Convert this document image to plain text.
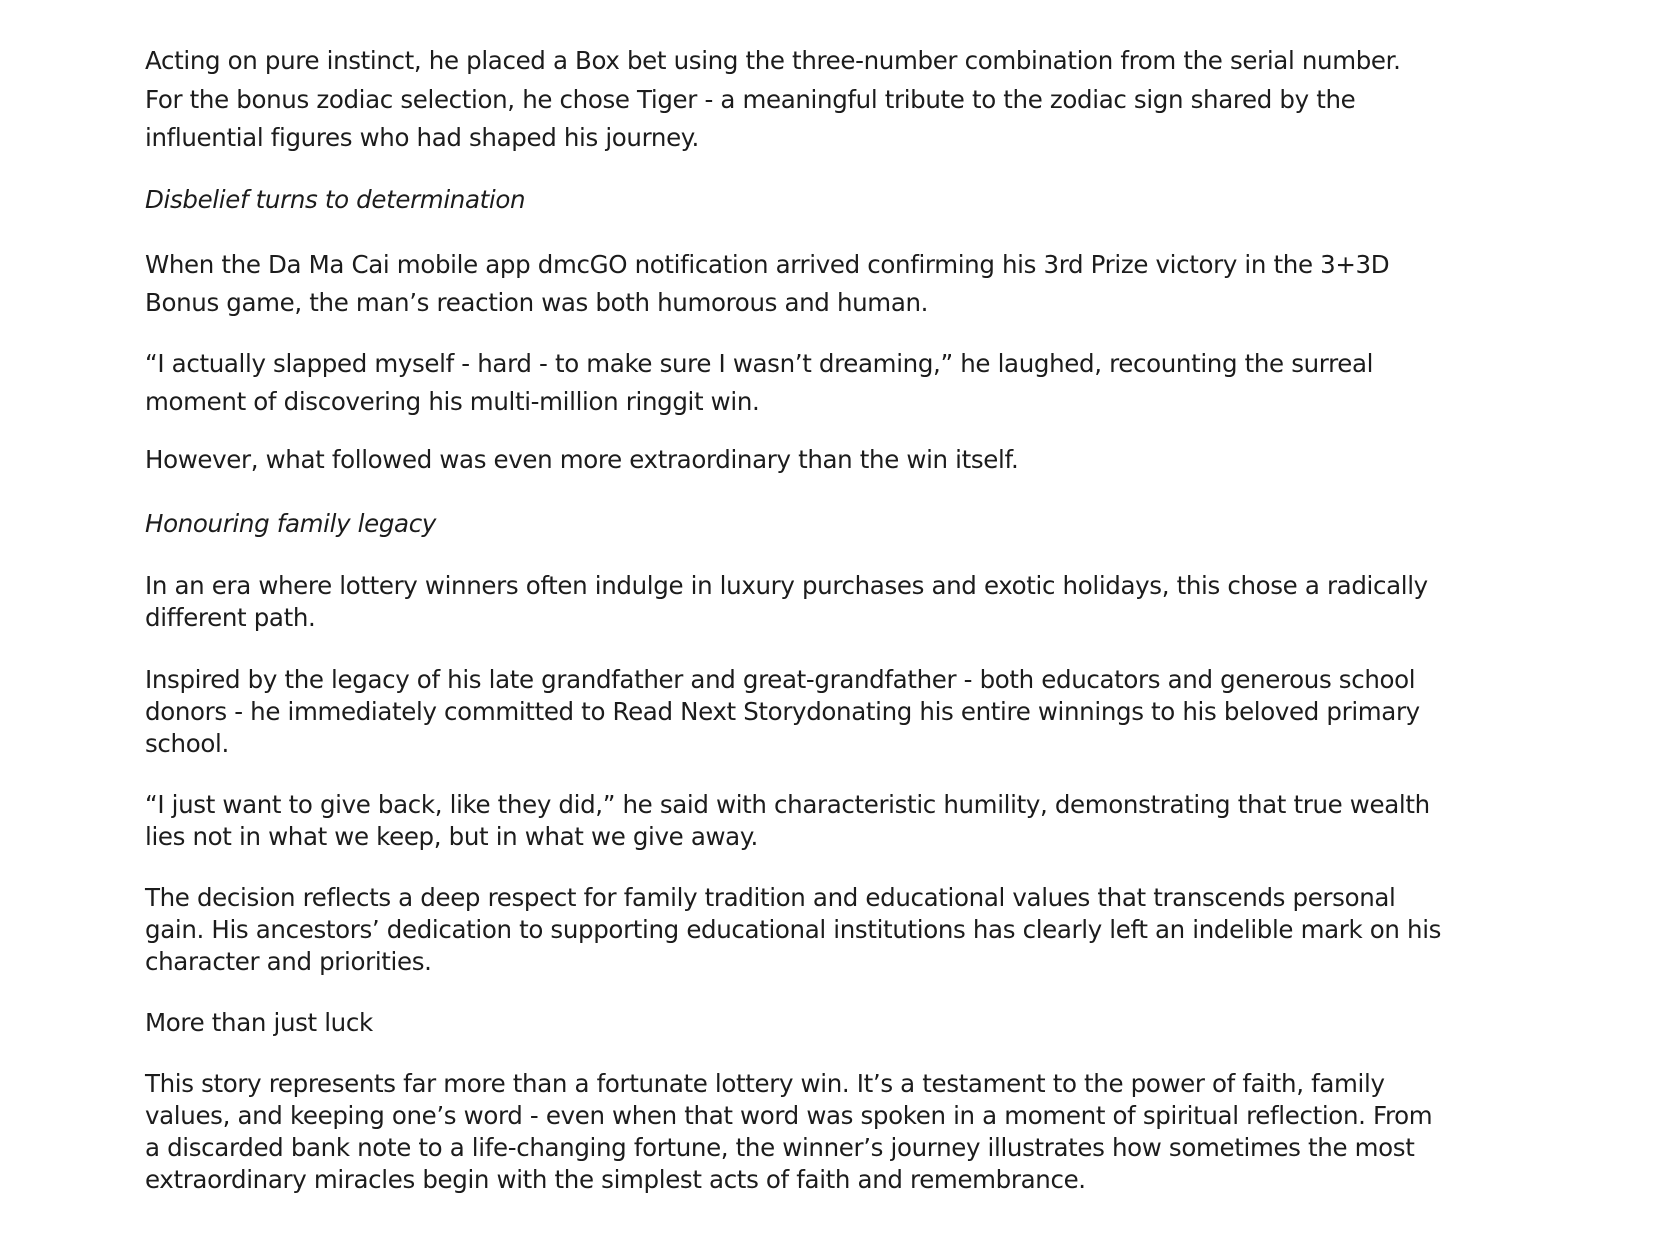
Acting on pure instinct, he placed a Box bet using the three-number combination from the serial number. For the bonus zodiac selection, he chose Tiger - a meaningful tribute to the zodiac sign shared by the influential figures who had shaped his journey.

Disbelief turns to determination

When the Da Ma Cai mobile app dmcGO notification arrived confirming his 3rd Prize victory in the 3+3D Bonus game, the man’s reaction was both humorous and human.

“I actually slapped myself - hard - to make sure I wasn’t dreaming,” he laughed, recounting the surreal moment of discovering his multi-million ringgit win.

However, what followed was even more extraordinary than the win itself.

Honouring family legacy

In an era where lottery winners often indulge in luxury purchases and exotic holidays, this chose a radically different path.

Inspired by the legacy of his late grandfather and great-grandfather - both educators and generous school donors - he immediately committed to Read Next Storydonating his entire winnings to his beloved primary school.

“I just want to give back, like they did,” he said with characteristic humility, demonstrating that true wealth lies not in what we keep, but in what we give away.

The decision reflects a deep respect for family tradition and educational values that transcends personal gain. His ancestors’ dedication to supporting educational institutions has clearly left an indelible mark on his character and priorities.

More than just luck

This story represents far more than a fortunate lottery win. It’s a testament to the power of faith, family values, and keeping one’s word - even when that word was spoken in a moment of spiritual reflection. From a discarded bank note to a life-changing fortune, the winner’s journey illustrates how sometimes the most extraordinary miracles begin with the simplest acts of faith and remembrance.
